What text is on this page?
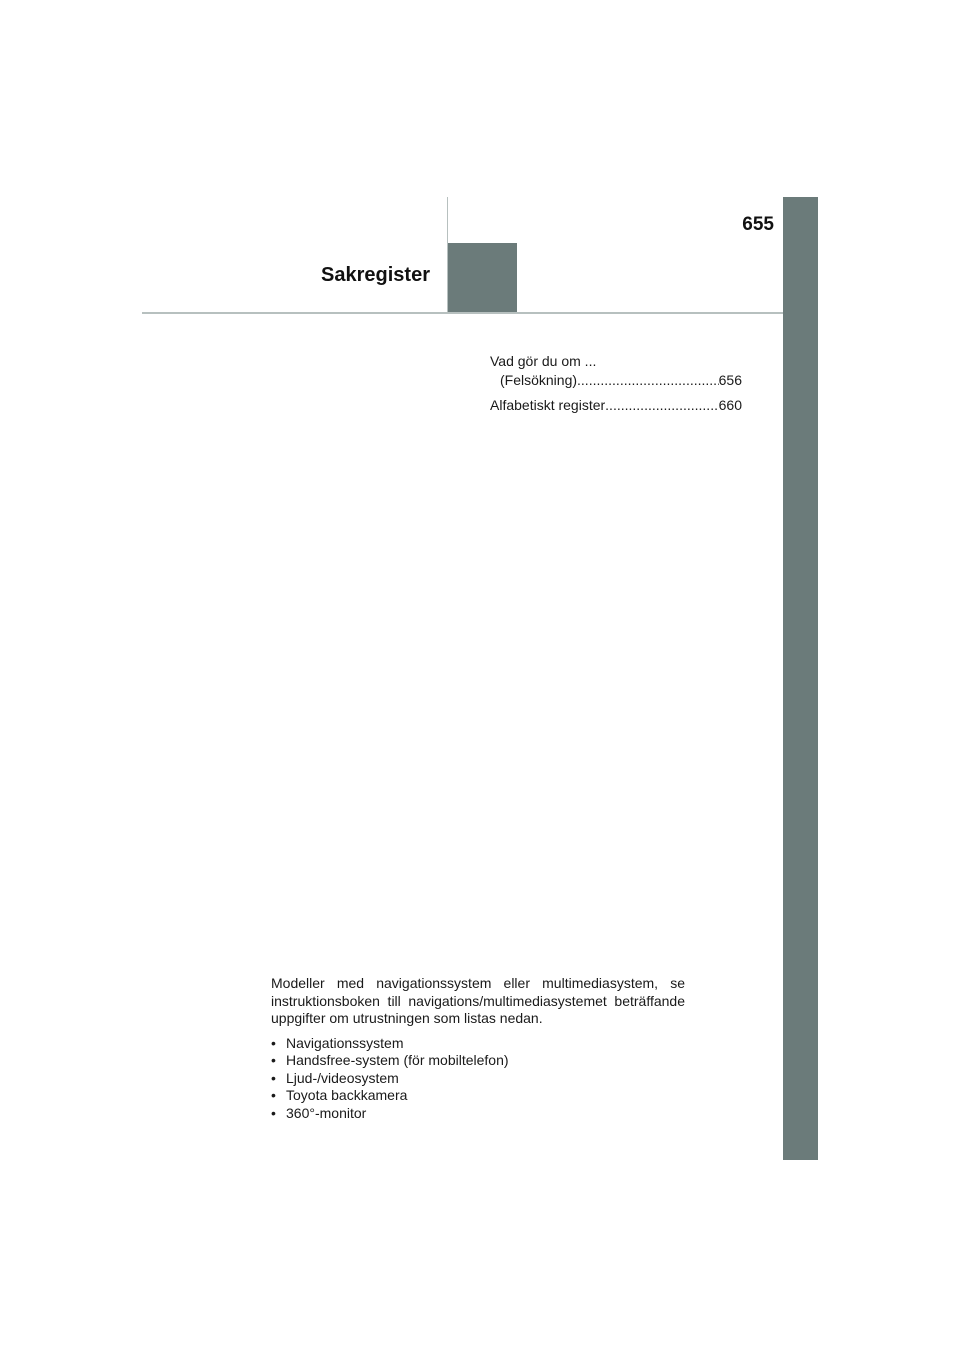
655
Sakregister
Vad gör du om ...
(Felsökning) .....	656
Alfabetiskt register .....	660

Modeller med navigationssystem eller multimediasystem, se instruktionsboken till navigations/multimediasystemet beträffande uppgifter om utrustningen som listas nedan.

• Navigationssystem
• Handsfree-system (för mobiltelefon)
• Ljud-/videosystem
• Toyota backkamera
• 360°-monitor
